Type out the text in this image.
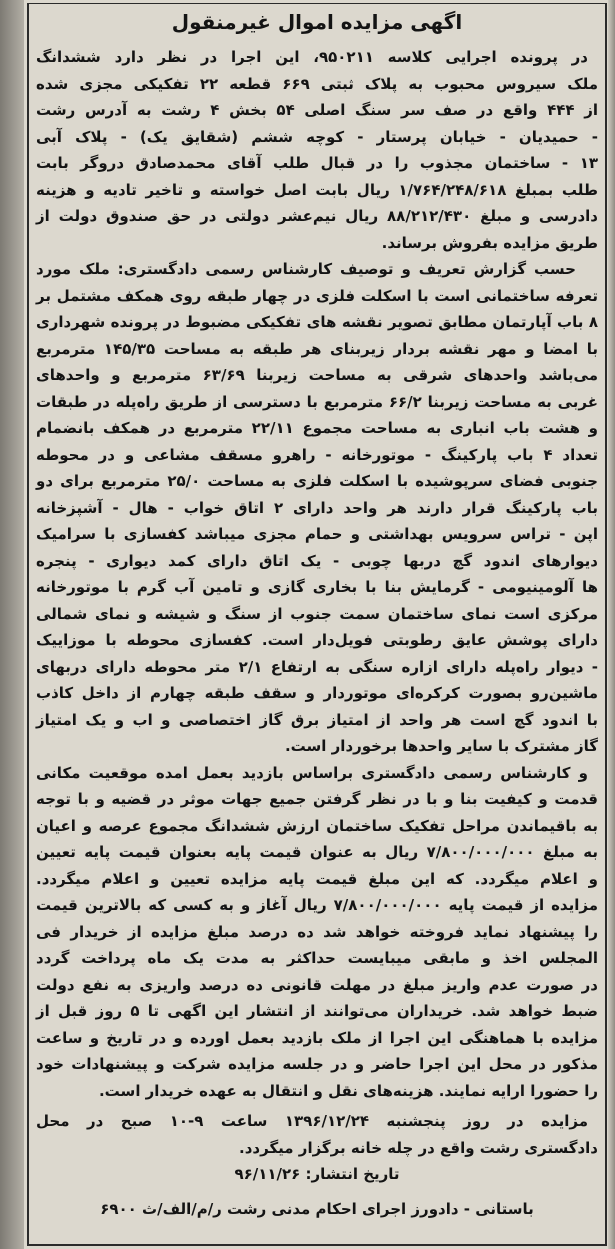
اگهی مزایده اموال غیرمنقول
در پرونده اجرایی کلاسه ۹۵۰۲۱۱، این اجرا در نظر دارد ششدانگ
ملک سیروس محبوب به پلاک ثبتی ۶۶۹ قطعه ۲۲ تفکیکی مجزی شده
از ۴۴۴ واقع در صف سر سنگ اصلی ۵۴ بخش ۴ رشت به آدرس رشت
- حمیدیان - خیابان پرستار - کوچه ششم (شقایق یک) - پلاک آبی
۱۳ - ساختمان مجذوب را در قبال طلب آقای محمدصادق دروگر بابت
طلب بمبلغ ۱/۷۶۴/۲۴۸/۶۱۸ ریال بابت اصل خواسته و تاخیر تادیه و هزینه
دادرسی و مبلغ ۸۸/۲۱۲/۴۳۰ ریال نیم‌عشر دولتی در حق صندوق دولت از
طریق مزایده بفروش برساند.
حسب گزارش تعریف و توصیف کارشناس رسمی دادگستری: ملک مورد
تعرفه ساختمانی است با اسکلت فلزی در چهار طبقه روی همکف مشتمل بر
۸ باب آپارتمان مطابق تصویر نقشه های تفکیکی مضبوط در پرونده شهرداری
با امضا و مهر نقشه بردار زیربنای هر طبقه به مساحت ۱۴۵/۳۵ مترمربع
می‌باشد واحدهای شرقی به مساحت زیربنا ۶۳/۶۹ مترمربع و واحدهای
غربی به مساحت زیربنا ۶۶/۲ مترمربع با دسترسی از طریق راه‌پله در طبقات
و هشت باب انباری به مساحت مجموع ۲۲/۱۱ مترمربع در همکف بانضمام
تعداد ۴ باب پارکینگ - موتورخانه - راهرو مسقف مشاعی و در محوطه
جنوبی فضای سرپوشیده با اسکلت فلزی به مساحت ۲۵/۰ مترمربع برای دو
باب پارکینگ قرار دارند هر واحد دارای ۲ اتاق خواب - هال - آشپزخانه
اپن - تراس سرویس بهداشتی و حمام مجزی میباشد کفسازی با سرامیک
دیوارهای اندود گچ دربها چوبی - یک اتاق دارای کمد دیواری - پنجره
ها آلومینیومی - گرمایش بنا با بخاری گازی و تامین آب گرم با موتورخانه
مرکزی است نمای ساختمان سمت جنوب از سنگ و شیشه و نمای شمالی
دارای پوشش عایق رطوبتی فویل‌دار است. کفسازی محوطه با موزاییک
- دیوار راه‌پله دارای ازاره سنگی به ارتفاع ۲/۱ متر محوطه دارای دربهای
ماشین‌رو بصورت کرکره‌ای موتوردار و سقف طبقه چهارم از داخل کاذب
با اندود گچ است هر واحد از امتیاز برق گاز اختصاصی و اب و یک امتیاز
گاز مشترک با سایر واحدها برخوردار است.
و کارشناس رسمی دادگستری براساس بازدید بعمل امده موقعیت مکانی
قدمت و کیفیت بنا و با در نظر گرفتن جمیع جهات موثر در قضیه و با توجه
به باقیماندن مراحل تفکیک ساختمان ارزش ششدانگ مجموع عرصه و اعیان
به مبلغ ۷/۸۰۰/۰۰۰/۰۰۰ ریال به عنوان قیمت پایه بعنوان قیمت پایه تعیین
و اعلام میگردد. که این مبلغ قیمت پایه مزایده تعیین و اعلام میگردد.
مزایده از قیمت پایه ۷/۸۰۰/۰۰۰/۰۰۰ ریال آغاز و به کسی که بالاترین قیمت
را پیشنهاد نماید فروخته خواهد شد ده درصد مبلغ مزایده از خریدار فی
المجلس اخذ و مابقی میبایست حداکثر به مدت یک ماه پرداخت گردد
در صورت عدم واریز مبلغ در مهلت قانونی ده درصد واریزی به نفع دولت
ضبط خواهد شد. خریداران می‌توانند از انتشار این اگهی تا ۵ روز قبل از
مزایده با هماهنگی این اجرا از ملک بازدید بعمل اورده و در تاریخ و ساعت
مذکور در محل این اجرا حاضر و در جلسه مزایده شرکت و پیشنهادات خود
را حضورا ارایه نمایند. هزینه‌های نقل و انتقال به عهده خریدار است.
مزایده در روز پنجشنبه ۱۳۹۶/۱۲/۲۴ ساعت ۹-۱۰ صبح در محل
دادگستری رشت واقع در چله خانه برگزار میگردد.
تاریخ انتشار: ۹۶/۱۱/۲۶
باستانی - دادورز اجرای احکام مدنی رشت ر/م/الف/ث ۶۹۰۰
